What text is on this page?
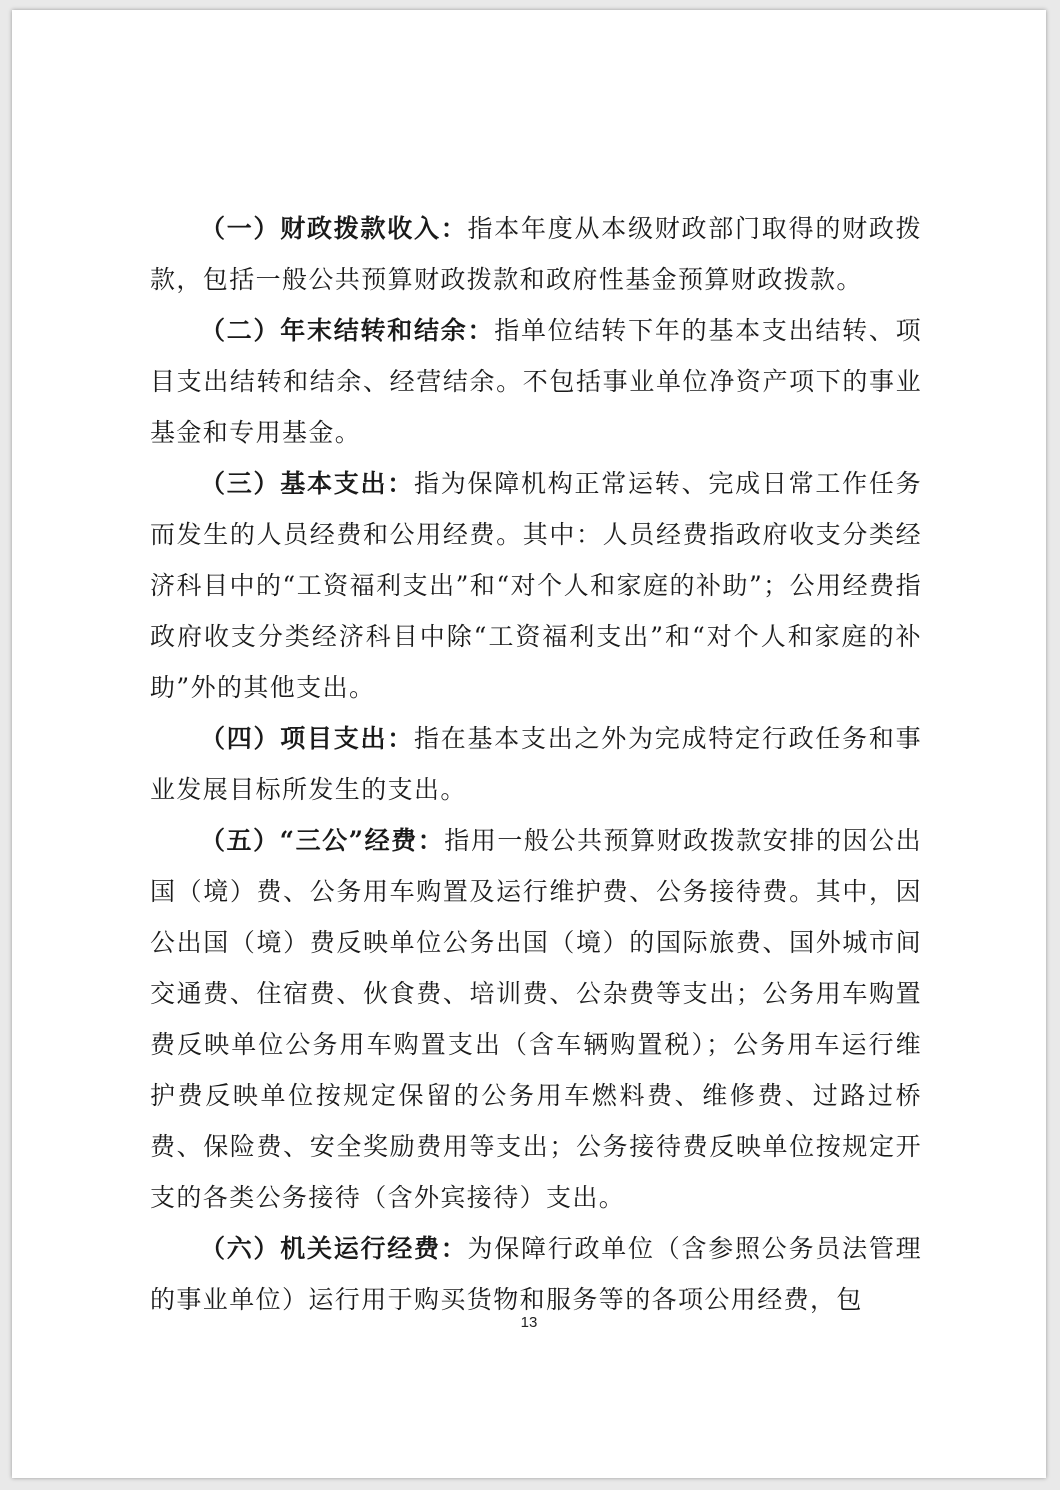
（一）财政拨款收入：指本年度从本级财政部门取得的财政拨款，包括一般公共预算财政拨款和政府性基金预算财政拨款。

（二）年末结转和结余：指单位结转下年的基本支出结转、项目支出结转和结余、经营结余。不包括事业单位净资产项下的事业基金和专用基金。

（三）基本支出：指为保障机构正常运转、完成日常工作任务而发生的人员经费和公用经费。其中：人员经费指政府收支分类经济科目中的“工资福利支出”和“对个人和家庭的补助”；公用经费指政府收支分类经济科目中除“工资福利支出”和“对个人和家庭的补助”外的其他支出。

（四）项目支出：指在基本支出之外为完成特定行政任务和事业发展目标所发生的支出。

（五）“三公”经费：指用一般公共预算财政拨款安排的因公出国（境）费、公务用车购置及运行维护费、公务接待费。其中，因公出国（境）费反映单位公务出国（境）的国际旅费、国外城市间交通费、住宿费、伙食费、培训费、公杂费等支出；公务用车购置费反映单位公务用车购置支出（含车辆购置税）；公务用车运行维护费反映单位按规定保留的公务用车燃料费、维修费、过路过桥费、保险费、安全奖励费用等支出；公务接待费反映单位按规定开支的各类公务接待（含外宾接待）支出。

（六）机关运行经费：为保障行政单位（含参照公务员法管理的事业单位）运行用于购买货物和服务等的各项公用经费，包

13
